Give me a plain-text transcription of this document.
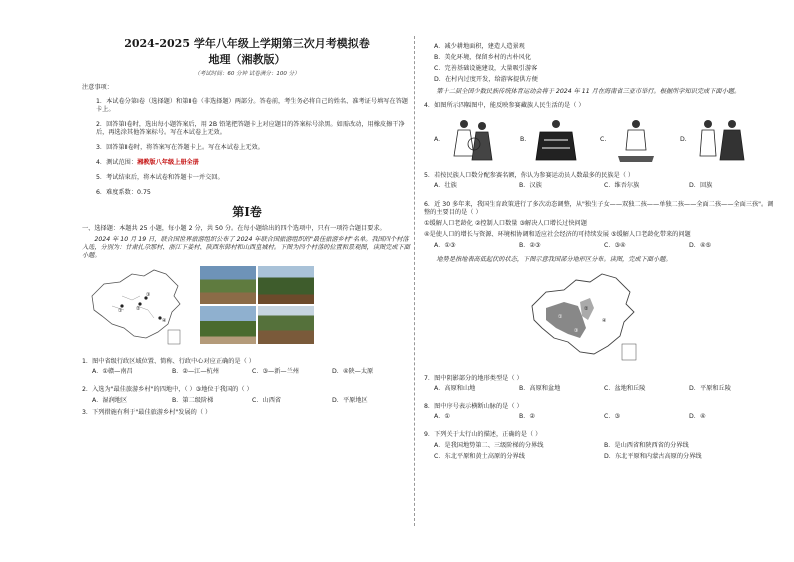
2024-2025 学年八年级上学期第三次月考模拟卷
地理（湘教版）
（考试时间：60 分钟 试卷满分：100 分）
注意事项：

1．本试卷分第Ⅰ卷（选择题）和第Ⅱ卷（非选择题）两部分。答卷前，考生务必将自己的姓名、准考证号填写在答题卡上。

2．回答第Ⅰ卷时，选出每小题答案后，用 2B 铅笔把答题卡上对应题目的答案标号涂黑。如需改动，用橡皮擦干净后，再选涂其他答案标号。写在本试卷上无效。

3．回答第Ⅱ卷时，将答案写在答题卡上。写在本试卷上无效。

4．测试范围：湘教版八年级上册全册

5．考试结束后，将本试卷和答题卡一并交回。

6．难度系数：0.75

第Ⅰ卷

一、选择题：本题共 25 小题，每小题 2 分，共 50 分。在每小题给出的四个选项中，只有一项符合题目要求。

2024 年 10 月 19 日，联合国世界旅游组织公布了 2024 年联合国旅游组织的"最佳旅游乡村"名单。我国四个村落入选，分别为：甘肃扎尕那村、浙江下姜村、陕西东韩村和山西皇城村。下图为四个村落的位置和景观图，读图完成下面小题。

①	②
③
④

1．图中省级行政区域位置、简称、行政中心对应正确的是（ ）

A．①赣—南昌	B．②—江—杭州	C．③—新—兰州	D．④陕—太原

2．入选为"最佳旅游乡村"的四地中，（ ）③地位于我国的（ ）

A．湿润地区	B．第二级阶梯	C．山西省	D．平原地区

3．下列措施有利于"最佳旅游乡村"发展的（ ）

A．减少耕地面积，建造人造景观

B．美化环境，保留乡村的古朴风化

C．完善基础设施建设，大量吸引游客

D．在村内过度开发，给游客提供方便

第十二届全国少数民族传统体育运动会将于 2024 年 11 月在海南省三亚市举行。根据所学知识完成下面小题。

4．如图所示四幅图中，能反映参赛藏族人民生活的是（ ）

A.	B.	C.	D.

5．若按民族人口数分配参赛名额，你认为参赛运动员人数最多的民族是（ ）

A．壮族	B．汉族	C．维吾尔族	D．回族

6．近 30 多年来，我国生育政策进行了多次动态调整，从"独生子女——双独二孩——单独二孩——全面二孩——全面三孩"。调整的主要目的是（ ）

①缓解人口老龄化 ②控制人口数量 ③解决人口增长过快问题

④是使人口的增长与资源、环境相协调和适应社会经济的可持续发展 ⑤缓解人口老龄化带来的问题

A．①③	B．②③	C．③④	D．④⑤

地势是指地表高低起伏的状态，下图示意我国部分地形区分布。读图，完成下面小题。

①
②
③
④

7．图中阴影部分的地形类型是（ ）

A．高原和山地	B．高原和盆地	C．盆地和丘陵	D．平原和丘陵

8．图中序号表示横断山脉的是（ ）

A．①	B．②	C．③	D．④

9．下列关于太行山的描述，正确的是（ ）

A．是我国地势第二、三级阶梯的分界线	B．是山西省和陕西省的分界线
C．东北平原和黄土高原的分界线	D．东北平原和内蒙古高原的分界线
